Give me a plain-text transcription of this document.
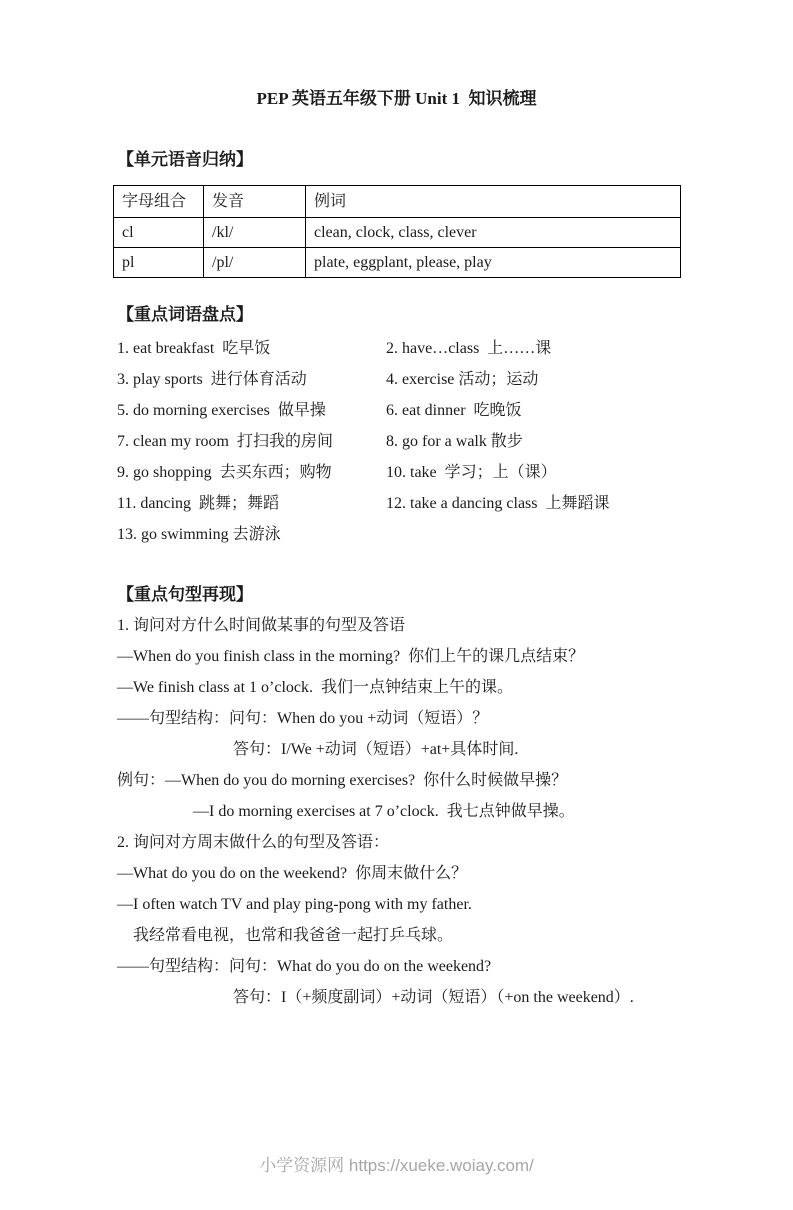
PEP 英语五年级下册 Unit 1  知识梳理
【单元语音归纳】
字母组合	发音	例词
cl	/kl/	clean, clock, class, clever
pl	/pl/	plate, eggplant, please, play
【重点词语盘点】
1. eat breakfast  吃早饭	2. have…class  上……课
3. play sports  进行体育活动	4. exercise 活动；运动
5. do morning exercises  做早操	6. eat dinner  吃晚饭
7. clean my room  打扫我的房间	8. go for a walk 散步
9. go shopping  去买东西；购物	10. take  学习；上（课）
11. dancing  跳舞；舞蹈	12. take a dancing class  上舞蹈课
13. go swimming 去游泳
【重点句型再现】
1. 询问对方什么时间做某事的句型及答语
—When do you finish class in the morning?  你们上午的课几点结束？
—We finish class at 1 o’clock.  我们一点钟结束上午的课。
——句型结构：问句：When do you +动词（短语）？
答句：I/We +动词（短语）+at+具体时间.
例句：—When do you do morning exercises?  你什么时候做早操？
—I do morning exercises at 7 o’clock.  我七点钟做早操。
2. 询问对方周末做什么的句型及答语：
—What do you do on the weekend?  你周末做什么？
—I often watch TV and play ping-pong with my father.
我经常看电视，也常和我爸爸一起打乒乓球。
——句型结构：问句：What do you do on the weekend?
答句：I（+频度副词）+动词（短语）（+on the weekend）.
小学资源网 https://xueke.woiay.com/
